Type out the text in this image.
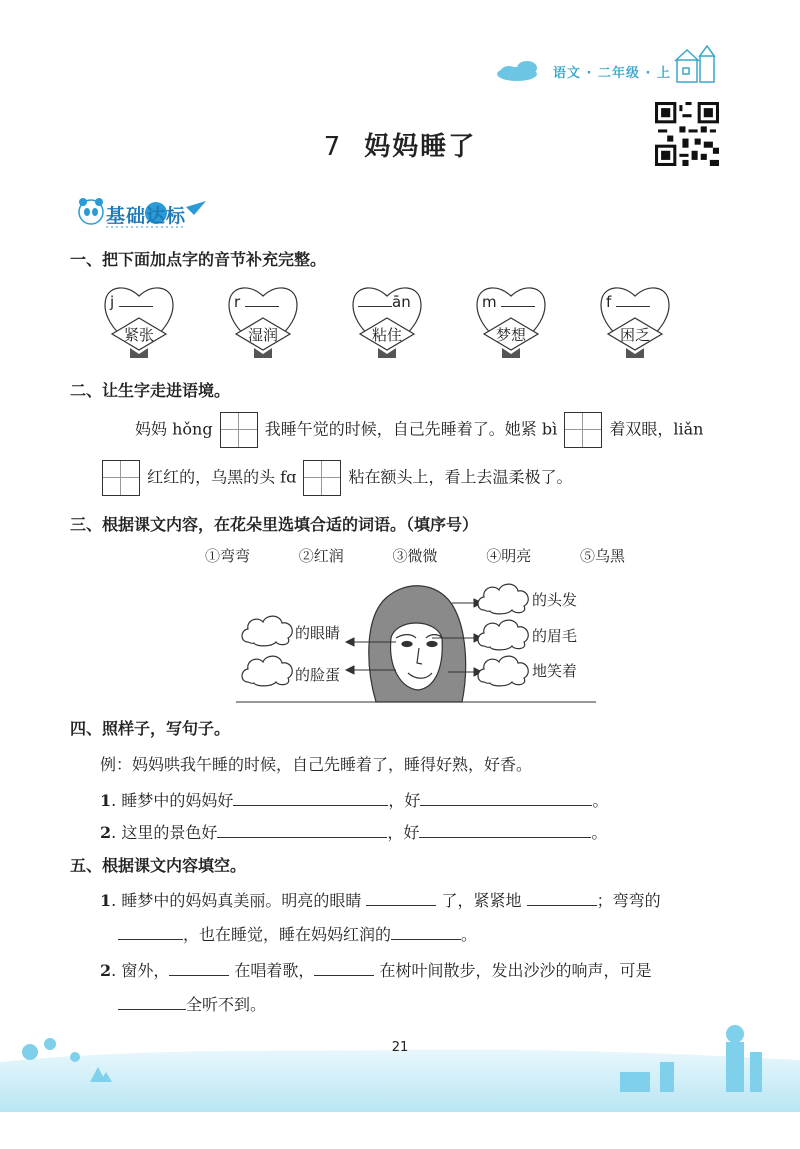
语文 · 二年级 · 上
7 妈妈睡了
基础达标
一、把下面加点字的音节补充完整。
j
紧张
r
湿润
ān
粘住
m
梦想
f
困乏
二、让生字走进语境。
妈妈 hǒng	我睡午觉的时候，自己先睡着了。她紧 bì	着双眼，liǎn
红红的，乌黑的头 fɑ	粘在额头上，看上去温柔极了。
三、根据课文内容，在花朵里选填合适的词语。（填序号）
①弯弯	②红润	③微微	④明亮	⑤乌黑
的眼睛
的脸蛋
的头发
的眉毛
地笑着
四、照样子，写句子。
例：妈妈哄我午睡的时候，自己先睡着了，睡得好熟，好香。
1. 睡梦中的妈妈好	，好	。
2. 这里的景色好	，好	。
五、根据课文内容填空。
1. 睡梦中的妈妈真美丽。明亮的眼睛	了，紧紧地	；弯弯的
，也在睡觉，睡在妈妈红润的	。
2. 窗外，	在唱着歌，	在树叶间散步，发出沙沙的响声，可是
全听不到。
21
